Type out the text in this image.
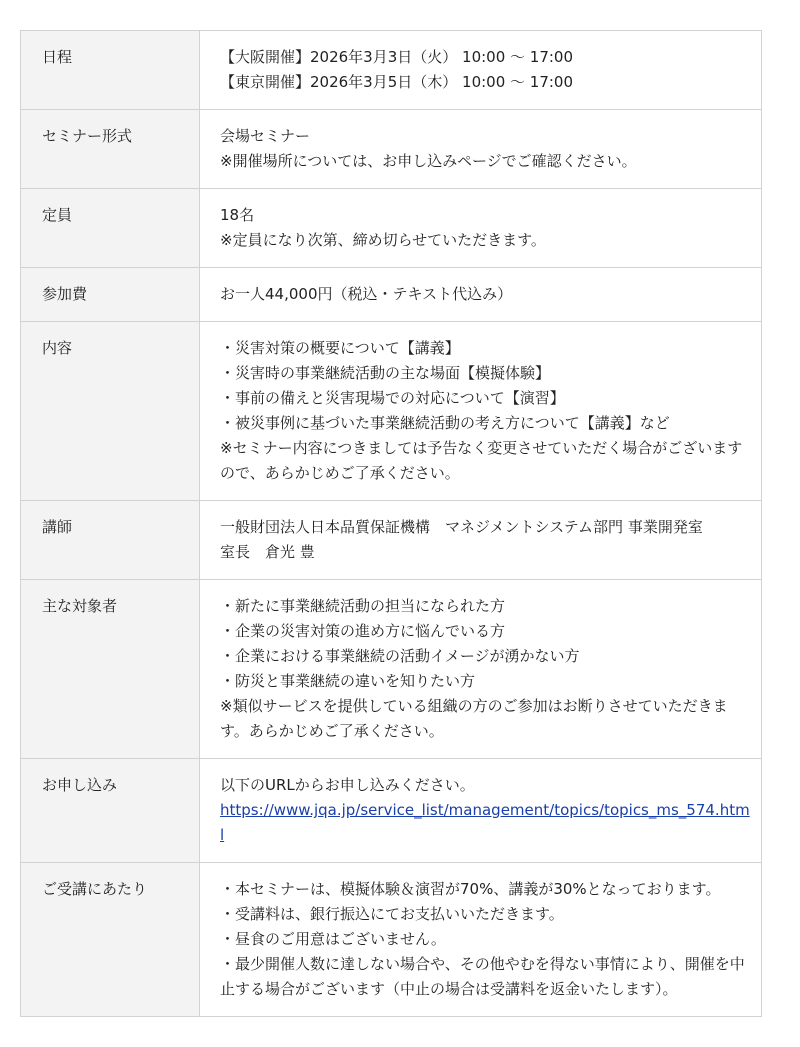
日程	【大阪開催】2026年3月3日（火） 10:00 〜 17:00
【東京開催】2026年3月5日（木） 10:00 〜 17:00

セミナー形式	会場セミナー
※開催場所については、お申し込みページでご確認ください。

定員	18名
※定員になり次第、締め切らせていただきます。

参加費	お一人44,000円（税込・テキスト代込み）

内容	・災害対策の概要について【講義】
・災害時の事業継続活動の主な場面【模擬体験】
・事前の備えと災害現場での対応について【演習】
・被災事例に基づいた事業継続活動の考え方について【講義】など
※セミナー内容につきましては予告なく変更させていただく場合がございますので、あらかじめご了承ください。

講師	一般財団法人日本品質保証機構　マネジメントシステム部門 事業開発室
室長　倉光 豊

主な対象者	・新たに事業継続活動の担当になられた方
・企業の災害対策の進め方に悩んでいる方
・企業における事業継続の活動イメージが湧かない方
・防災と事業継続の違いを知りたい方
※類似サービスを提供している組織の方のご参加はお断りさせていただきます。あらかじめご了承ください。

お申し込み	以下のURLからお申し込みください。
https://www.jqa.jp/service_list/management/topics/topics_ms_574.html
ご受講にあたり	・本セミナーは、模擬体験＆演習が70%、講義が30%となっております。
・受講料は、銀行振込にてお支払いいただきます。
・昼食のご用意はございません。
・最少開催人数に達しない場合や、その他やむを得ない事情により、開催を中止する場合がございます（中止の場合は受講料を返金いたします）。
